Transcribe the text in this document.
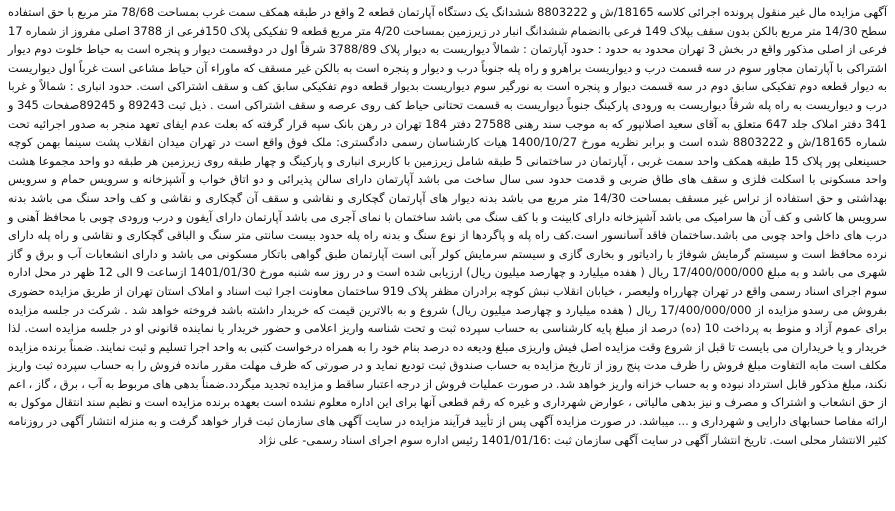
آگهی مزایده مال غیر منقول پرونده اجرائی کلاسه 18165/ش و 8803222 ششدانگ یک دستگاه آپارتمان قطعه 2 واقع در طبقه همکف سمت غرب بمساحت 78/68 متر مربع با حق استفاده سطح 14/30 متر مربع بالکن بدون سقف بپلاک 149 فرعی باانضمام ششدانگ انبار در زیرزمین بمساحت 4/20 متر مربع قطعه 9 تفکیکی پلاک 150فرعی از 3788 اصلی مفروز از شماره 17 فرعی از اصلی مذکور واقع در بخش 3 تهران محدود به حدود : حدود آپارتمان : شمالاً دیواریست به دیوار پلاک 3788/89 شرقاً اول در دوقسمت دیوار و پنجره است به حیاط خلوت دوم دیوار اشتراکی با آپارتمان مجاور سوم در سه قسمت درب و دیواریست براهرو و راه پله جنوباً درب و دیوار و پنجره است به بالکن غیر مسقف که ماوراء آن حیاط مشاعی است غرباً اول دیواریست به دیوار قطعه دوم تفکیکی سابق دوم در سه قسمت دیوار و پنجره است به نورگیر سوم دیواریست بدیوار قطعه دوم تفکیکی سابق کف و سقف اشتراکی است. حدود انباری : شمالاً و غربا درب و دیواریست به راه پله شرقاً دیواریست به ورودی پارکینگ جنوباً دیواریست به قسمت تحتانی حیاط کف روی عرصه و سقف اشتراکی است . ذیل ثبت 89243 و 89245صفحات 345 و 341 دفتر املاک جلد 647 متعلق به آقای سعید اصلانپور که به موجب سند رهنی 27588 دفتر 184 تهران در رهن بانک سپه قرار گرفته که بعلت عدم ایفای تعهد منجر به صدور اجرائیه تحت شماره 18165/ش و 8803222 شده است و برابر نظریه مورخ 1400/10/27 هیات کارشناسان رسمی دادگستری: ملک فوق واقع است در تهران میدان انقلاب پشت سینما بهمن کوچه حسینعلی پور پلاک 15 طبقه همکف واحد سمت غربی ، آپارتمان در ساختمانی 5 طبقه شامل زیرزمین با کاربری انباری و پارکینگ و چهار طبقه روی زیرزمین هر طبقه دو واحد مجموعا هشت واحد مسکونی با اسکلت فلزی و سقف های طاق ضربی و قدمت حدود سی سال ساخت می باشد آپارتمان دارای سالن پذیرائی و دو اتاق خواب و آشپزخانه و سرویس حمام و سرویس بهداشتی و حق استفاده از تراس غیر مسقف بمساحت 14/30 متر مربع می باشد بدنه دیوار های آپارتمان گچکاری و نقاشی و سقف آن گچکاری و نقاشی و کف واحد سنگ می باشد بدنه سرویس ها کاشی و کف آن ها سرامیک می باشد آشپزخانه دارای کابینت و با کف سنگ می باشد ساختمان با نمای آجری می باشد آپارتمان دارای آیفون و درب ورودی چوبی با محافظ آهنی و درب های داخل واحد چوبی می باشد.ساختمان فاقد آسانسور است.کف راه پله و پاگردها از نوع سنگ و بدنه راه پله حدود بیست سانتی متر سنگ و الباقی گچکاری و نقاشی و راه پله دارای نرده محافظ است و سیستم گرمایش شوفاژ با رادیاتور و بخاری گازی و سیستم سرمایش کولر آبی است آپارتمان طبق گواهی باتکار مسکونی می باشد و دارای انشعابات آب و برق و گاز شهری می باشد و به مبلغ 17/400/000/000 ریال ( هفده میلیارد و چهارصد میلیون ریال) ارزیابی شده است و در روز سه شنبه مورخ 1401/01/30 ازساعت 9 الی 12 ظهر در محل اداره سوم اجرای اسناد رسمی واقع در تهران چهارراه ولیعصر ، خیابان انقلاب نبش کوچه برادران مظفر پلاک 919 ساختمان معاونت اجرا ثبت اسناد و املاک استان تهران از طریق مزایده حضوری بفروش می رسدو مزایده از 17/400/000/000 ریال ( هفده میلیارد و چهارصد میلیون ریال) شروع و به بالاترین قیمت که خریدار داشته باشد فروخته خواهد شد . شرکت در جلسه مزایده برای عموم آزاد و منوط به پرداخت 10 (ده) درصد از مبلغ پایه کارشناسی به حساب سپرده ثبت و تحت شناسه واریز اعلامی و حضور خریدار یا نماینده قانونی او در جلسه مزایده است. لذا خریدار و یا خریداران می بایست تا قبل از شروع وقت مزایده اصل فیش واریزی مبلغ ودیعه ده درصد بنام خود را به همراه درخواست کتبی به واحد اجرا تسلیم و ثبت نمایند. ضمناً برنده مزایده مکلف است مابه التفاوت مبلغ فروش را ظرف مدت پنج روز از تاریخ مزایده به حساب صندوق ثبت تودیع نماید و در صورتی که ظرف مهلت مقرر مانده فروش را به حساب سپرده ثبت واریز نکند، مبلغ مذکور قابل استرداد نبوده و به حساب خزانه واریز خواهد شد. در صورت عملیات فروش از درجه اعتبار ساقط و مزایده تجدید میگردد.ضمناً بدهی های مربوط به آب ، برق ، گاز ، اعم از حق انشعاب و اشتراک و مصرف و نیز بدهی مالیاتی ، عوارض شهرداری و غیره که رقم قطعی آنها برای این اداره معلوم نشده است بعهده برنده مزایده است و نظیم سند انتقال موکول به ارائه مفاصا حسابهای دارایی و شهرداری و ... میباشد. در صورت مزایده آگهی پس از تأیید فرآیند مزایده در سایت آگهی های سازمان ثبت قرار خواهد گرفت و به منزله انتشار آگهی در روزنامه کثیر الانتشار محلی است. تاریخ انتشار آگهی در سایت آگهی سازمان ثبت :1401/01/16 رئیس اداره سوم اجرای اسناد رسمی- علی نژاد
